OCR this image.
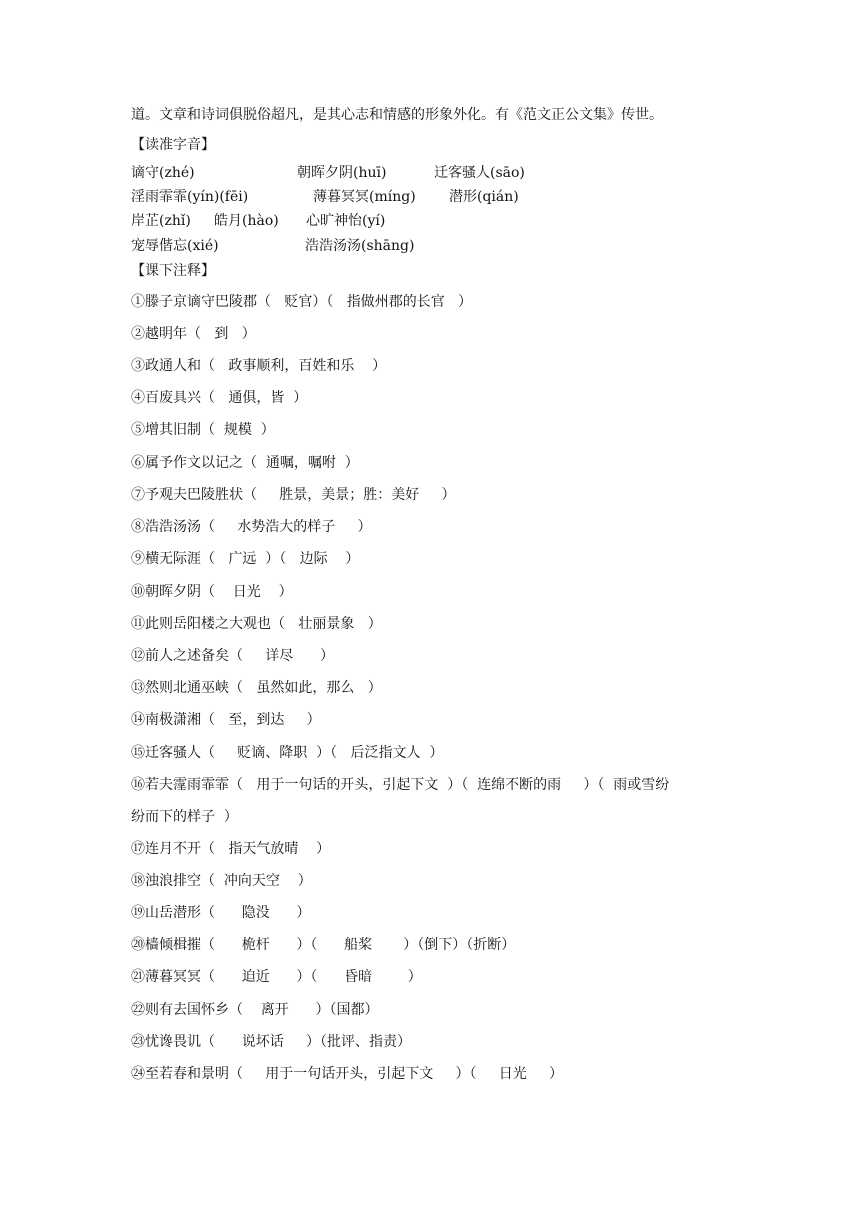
道。文章和诗词俱脱俗超凡，是其心志和情感的形象外化。有《范文正公文集》传世。
【读准字音】
谪守(zhé)	朝晖夕阴(huī)	迁客骚人(sāo)
淫雨霏霏(yín)(fēi)	薄暮冥冥(míng) 潜形(qián)
岸芷(zhǐ) 皓月(hào) 心旷神怡(yí)
宠辱偕忘(xié)	浩浩汤汤(shāng)
【课下注释】
①滕子京谪守巴陵郡（   贬官）（   指做州郡的长官   ）
②越明年（   到   ）
③政通人和（   政事顺利，百姓和乐    ）
④百废具兴（   通俱，皆  ）
⑤增其旧制（  规模  ）
⑥属予作文以记之（  通嘱，嘱咐  ）
⑦予观夫巴陵胜状（     胜景，美景；胜：美好     ）
⑧浩浩汤汤（     水势浩大的样子     ）
⑨横无际涯（   广远  ）（   边际    ）
⑩朝晖夕阴（    日光    ）
⑪此则岳阳楼之大观也（   壮丽景象   ）
⑫前人之述备矣（     详尽      ）
⑬然则北通巫峡（   虽然如此，那么   ）
⑭南极潇湘（   至，到达     ）
⑮迁客骚人（     贬谪、降职  ）（   后泛指文人  ）
⑯若夫霪雨霏霏（   用于一句话的开头，引起下文  ）（  连绵不断的雨     ）（  雨或雪纷
纷而下的样子  ）
⑰连月不开（   指天气放晴    ）
⑱浊浪排空（  冲向天空    ）
⑲山岳潜形（      隐没      ）
⑳樯倾楫摧（      桅杆      ）（      船桨       ）（倒下）（折断）
㉑薄暮冥冥（      迫近      ）（      昏暗        ）
㉒则有去国怀乡（    离开      ）（国都）
㉓忧谗畏讥（      说坏话     ）（批评、指责）
㉔至若春和景明（     用于一句话开头，引起下文     ）（     日光     ）
